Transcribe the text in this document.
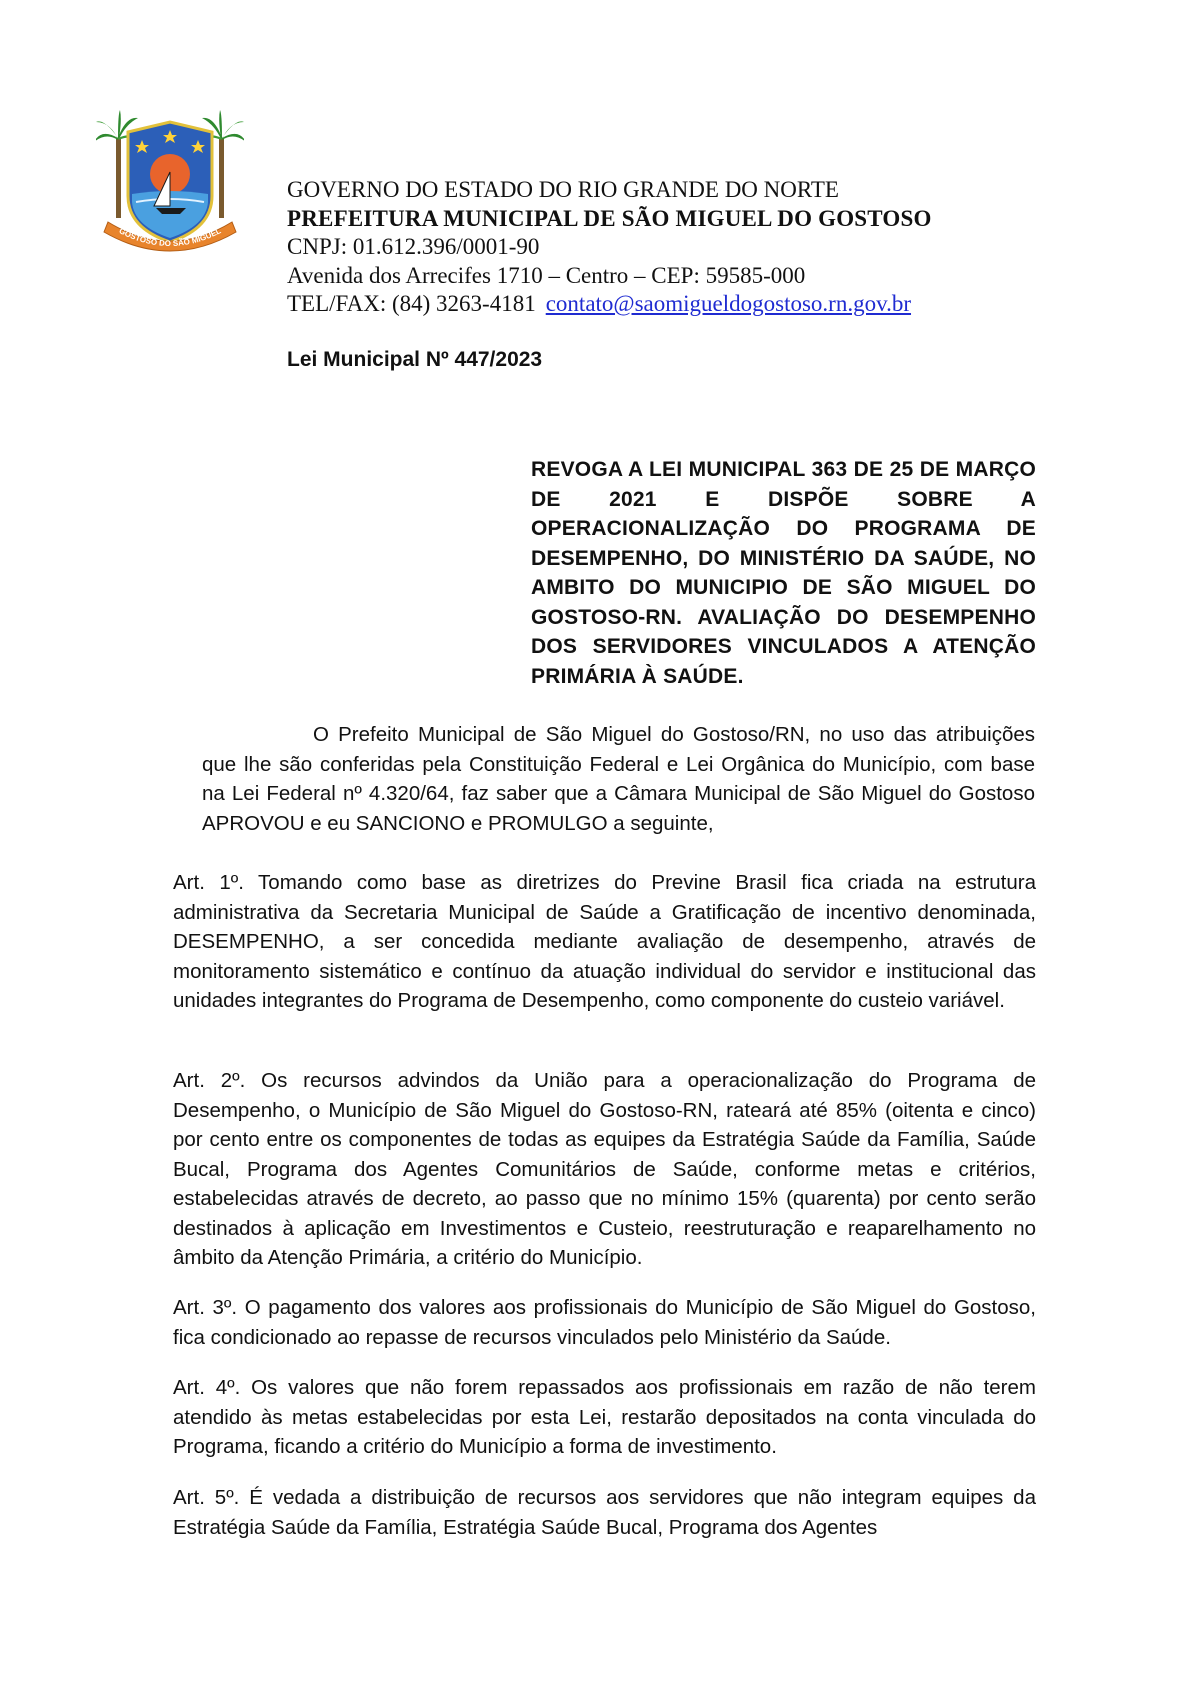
GOSTOSO DO SÃO MIGUEL
GOVERNO DO ESTADO DO RIO GRANDE DO NORTE
PREFEITURA MUNICIPAL DE SÃO MIGUEL DO GOSTOSO
CNPJ: 01.612.396/0001-90
Avenida dos Arrecifes 1710 – Centro – CEP: 59585-000
TEL/FAX: (84) 3263-4181 contato@saomigueldogostoso.rn.gov.br
Lei Municipal Nº 447/2023
REVOGA A LEI MUNICIPAL 363 DE 25 DE MARÇO DE 2021 E DISPÕE SOBRE A OPERACIONALIZAÇÃO DO PROGRAMA DE DESEMPENHO, DO MINISTÉRIO DA SAÚDE, NO AMBITO DO MUNICIPIO DE SÃO MIGUEL DO GOSTOSO-RN. AVALIAÇÃO DO DESEMPENHO DOS SERVIDORES VINCULADOS A ATENÇÃO PRIMÁRIA À SAÚDE.
O Prefeito Municipal de São Miguel do Gostoso/RN, no uso das atribuições que lhe são conferidas pela Constituição Federal e Lei Orgânica do Município, com base na Lei Federal nº 4.320/64, faz saber que a Câmara Municipal de São Miguel do Gostoso APROVOU e eu SANCIONO e PROMULGO a seguinte,

Art. 1º. Tomando como base as diretrizes do Previne Brasil fica criada na estrutura administrativa da Secretaria Municipal de Saúde a Gratificação de incentivo denominada, DESEMPENHO, a ser concedida mediante avaliação de desempenho, através de monitoramento sistemático e contínuo da atuação individual do servidor e institucional das unidades integrantes do Programa de Desempenho, como componente do custeio variável.

Art. 2º. Os recursos advindos da União para a operacionalização do Programa de Desempenho, o Município de São Miguel do Gostoso-RN, rateará até 85% (oitenta e cinco) por cento entre os componentes de todas as equipes da Estratégia Saúde da Família, Saúde Bucal, Programa dos Agentes Comunitários de Saúde, conforme metas e critérios, estabelecidas através de decreto, ao passo que no mínimo 15% (quarenta) por cento serão destinados à aplicação em Investimentos e Custeio, reestruturação e reaparelhamento no âmbito da Atenção Primária, a critério do Município.

Art. 3º. O pagamento dos valores aos profissionais do Município de São Miguel do Gostoso, fica condicionado ao repasse de recursos vinculados pelo Ministério da Saúde.

Art. 4º. Os valores que não forem repassados aos profissionais em razão de não terem atendido às metas estabelecidas por esta Lei, restarão depositados na conta vinculada do Programa, ficando a critério do Município a forma de investimento.

Art. 5º. É vedada a distribuição de recursos aos servidores que não integram equipes da Estratégia Saúde da Família, Estratégia Saúde Bucal, Programa dos Agentes
